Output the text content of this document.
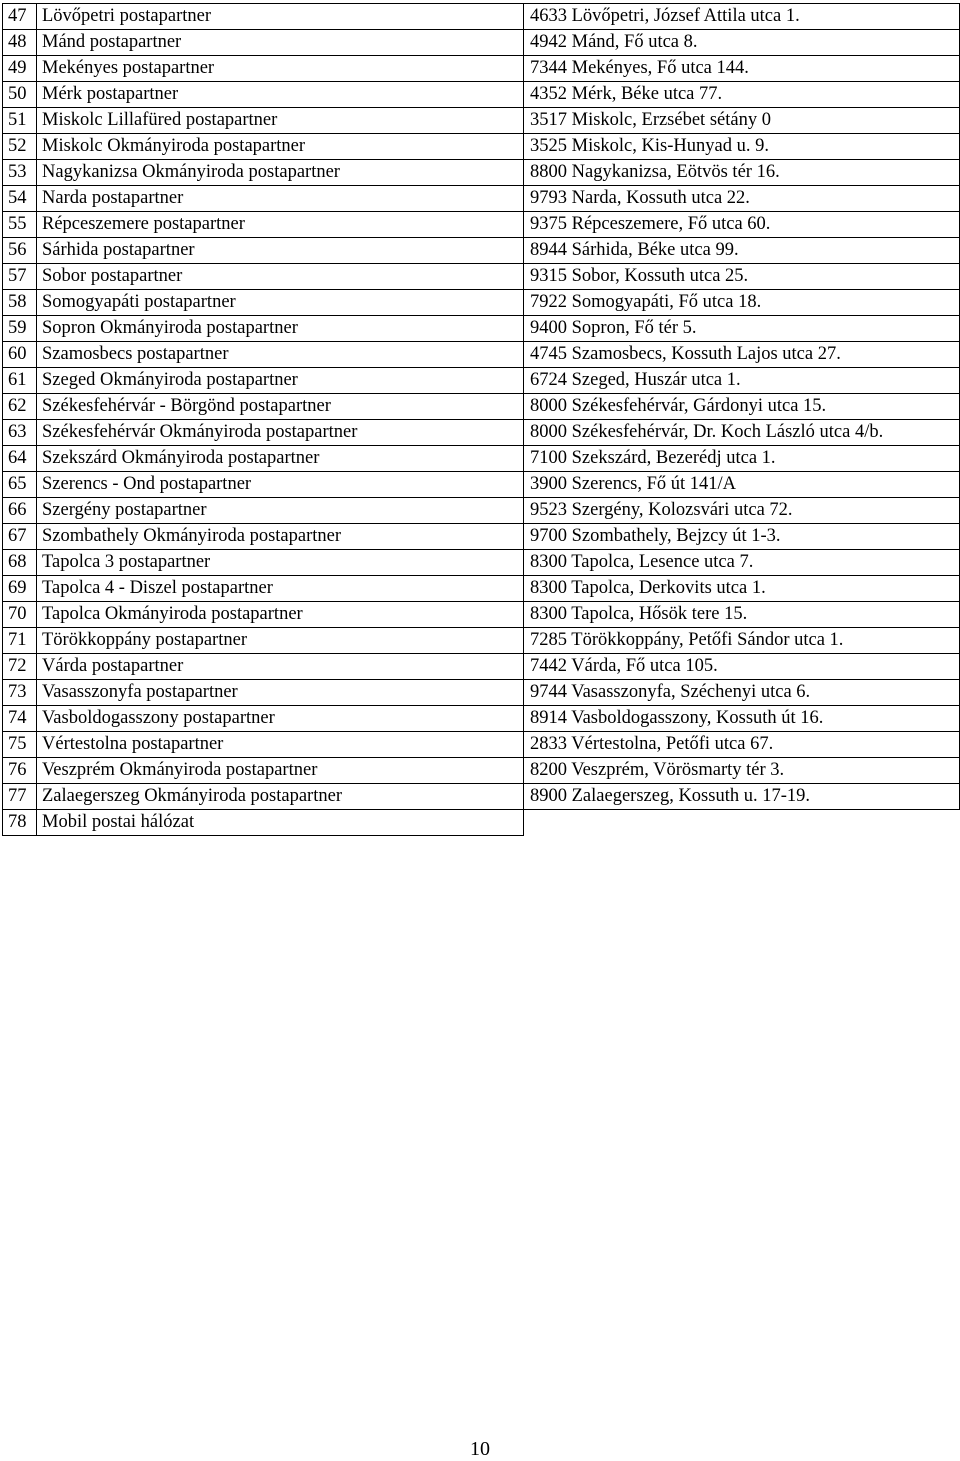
47	Lövőpetri postapartner	4633 Lövőpetri, József Attila utca 1.
48	Mánd postapartner	4942 Mánd, Fő utca 8.
49	Mekényes postapartner	7344 Mekényes, Fő utca 144.
50	Mérk postapartner	4352 Mérk, Béke utca 77.
51	Miskolc Lillafüred postapartner	3517 Miskolc, Erzsébet sétány 0
52	Miskolc Okmányiroda postapartner	3525 Miskolc, Kis-Hunyad u. 9.
53	Nagykanizsa Okmányiroda postapartner	8800 Nagykanizsa, Eötvös tér 16.
54	Narda postapartner	9793 Narda, Kossuth utca 22.
55	Répceszemere postapartner	9375 Répceszemere, Fő utca 60.
56	Sárhida postapartner	8944 Sárhida, Béke utca 99.
57	Sobor postapartner	9315 Sobor, Kossuth utca 25.
58	Somogyapáti postapartner	7922 Somogyapáti, Fő utca 18.
59	Sopron Okmányiroda postapartner	9400 Sopron, Fő tér 5.
60	Szamosbecs postapartner	4745 Szamosbecs, Kossuth Lajos utca 27.
61	Szeged Okmányiroda postapartner	6724 Szeged, Huszár utca 1.
62	Székesfehérvár - Börgönd postapartner	8000 Székesfehérvár, Gárdonyi utca 15.
63	Székesfehérvár Okmányiroda postapartner	8000 Székesfehérvár, Dr. Koch László utca 4/b.
64	Szekszárd Okmányiroda postapartner	7100 Szekszárd, Bezerédj utca 1.
65	Szerencs - Ond postapartner	3900 Szerencs, Fő út 141/A
66	Szergény postapartner	9523 Szergény, Kolozsvári utca 72.
67	Szombathely Okmányiroda postapartner	9700 Szombathely, Bejzcy út 1-3.
68	Tapolca 3 postapartner	8300 Tapolca, Lesence utca 7.
69	Tapolca 4 - Diszel postapartner	8300 Tapolca, Derkovits utca 1.
70	Tapolca Okmányiroda postapartner	8300 Tapolca, Hősök tere 15.
71	Törökkoppány postapartner	7285 Törökkoppány, Petőfi Sándor utca 1.
72	Várda postapartner	7442 Várda, Fő utca 105.
73	Vasasszonyfa postapartner	9744 Vasasszonyfa, Széchenyi utca 6.
74	Vasboldogasszony postapartner	8914 Vasboldogasszony, Kossuth út 16.
75	Vértestolna postapartner	2833 Vértestolna, Petőfi utca 67.
76	Veszprém Okmányiroda postapartner	8200 Veszprém, Vörösmarty tér 3.
77	Zalaegerszeg Okmányiroda postapartner	8900 Zalaegerszeg, Kossuth u. 17-19.
78	Mobil postai hálózat	
10
